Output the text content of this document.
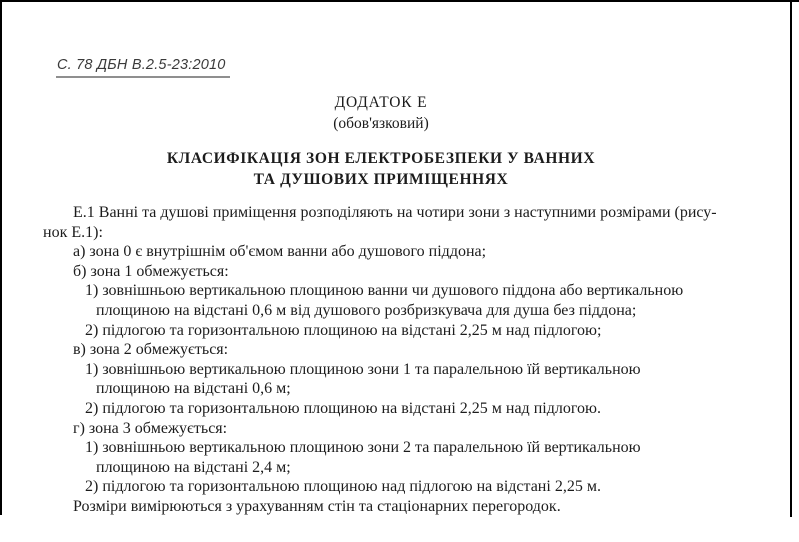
С. 78 ДБН В.2.5-23:2010
ДОДАТОК Е
(обов'язковий)
КЛАСИФІКАЦІЯ ЗОН ЕЛЕКТРОБЕЗПЕКИ У ВАННИХ
ТА ДУШОВИХ ПРИМІЩЕННЯХ
Е.1 Ванні та душові приміщення розподіляють на чотири зони з наступними розмірами (рису-
нок Е.1):
а) зона 0 є внутрішнім об'ємом ванни або душового піддона;
б) зона 1 обмежується:
1) зовнішньою вертикальною площиною ванни чи душового піддона або вертикальною
площиною на відстані 0,6 м від душового розбризкувача для душа без піддона;
2) підлогою та горизонтальною площиною на відстані 2,25 м над підлогою;
в) зона 2 обмежується:
1) зовнішньою вертикальною площиною зони 1 та паралельною їй вертикальною
площиною на відстані 0,6 м;
2) підлогою та горизонтальною площиною на відстані 2,25 м над підлогою.
г) зона 3 обмежується:
1) зовнішньою вертикальною площиною зони 2 та паралельною їй вертикальною
площиною на відстані 2,4 м;
2) підлогою та горизонтальною площиною над підлогою на відстані 2,25 м.
Розміри вимірюються з урахуванням стін та стаціонарних перегородок.
